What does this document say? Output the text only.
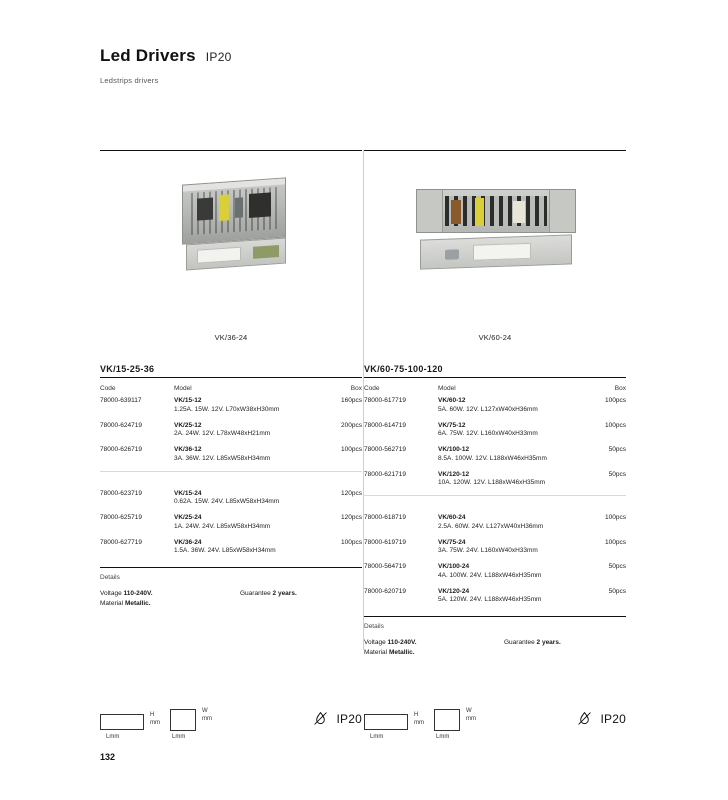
Led Drivers IP20
Ledstrips drivers
VK/36-24
VK/15-25-36
Code	Model	Box
78000-639117	VK/15-12
1.25A. 15W. 12V. L70xW38xH30mm	160pcs
78000-624719	VK/25-12
2A. 24W. 12V. L78xW48xH21mm	200pcs
78000-626719	VK/36-12
3A. 36W. 12V. L85xW58xH34mm	100pcs

78000-623719	VK/15-24
0.62A. 15W. 24V. L85xW58xH34mm	120pcs
78000-625719	VK/25-24
1A. 24W. 24V. L85xW58xH34mm	120pcs
78000-627719	VK/36-24
1.5A. 36W. 24V. L85xW58xH34mm	100pcs
Details
Voltage 110-240V.
Material Metallic.
Guarantee 2 years.
VK/60-24
VK/60-75-100-120
Code	Model	Box
78000-617719	VK/60-12
5A. 60W. 12V. L127xW40xH36mm	100pcs
78000-614719	VK/75-12
6A. 75W. 12V. L160xW40xH33mm	100pcs
78000-562719	VK/100-12
8.5A. 100W. 12V. L188xW46xH35mm	50pcs
78000-621719	VK/120-12
10A. 120W. 12V. L188xW46xH35mm	50pcs

78000-618719	VK/60-24
2.5A. 60W. 24V. L127xW40xH36mm	100pcs
78000-619719	VK/75-24
3A. 75W. 24V. L160xW40xH33mm	100pcs
78000-564719	VK/100-24
4A. 100W. 24V. L188xW46xH35mm	50pcs
78000-620719	VK/120-24
5A. 120W. 24V. L188xW46xH35mm	50pcs
Details
Voltage 110-240V.
Material Metallic.
Guarantee 2 years.
Lmm
H
mm
Lmm
W
mm	IP20
Lmm
H
mm
Lmm
W
mm	IP20
132
